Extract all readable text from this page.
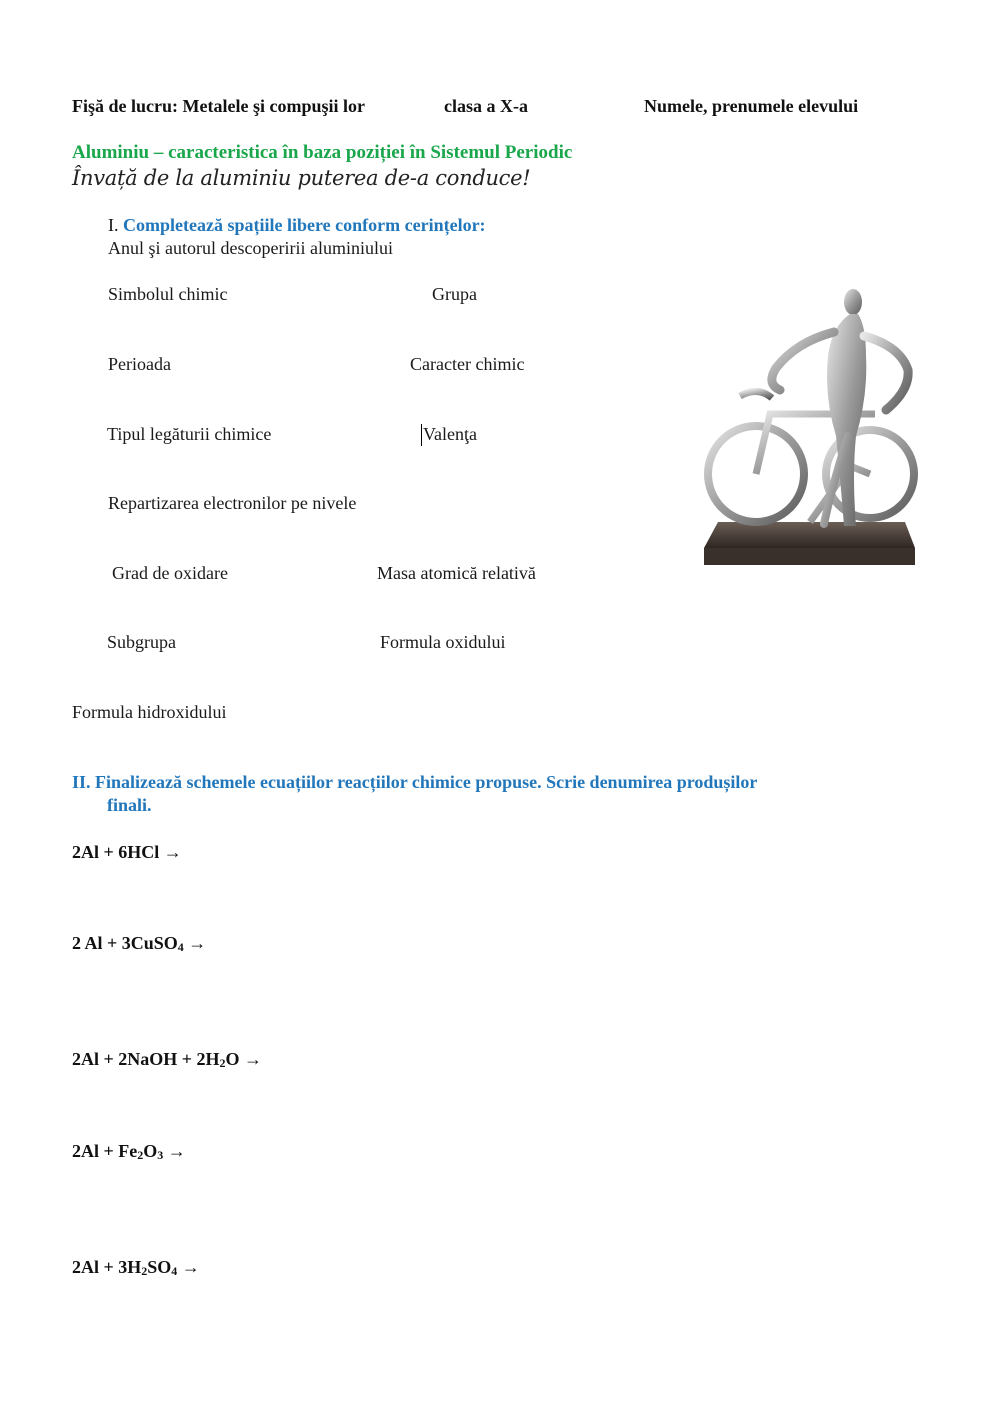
Fişă de lucru: Metalele şi compuşii lor	clasa a X-a	Numele, prenumele elevului
Aluminiu – caracteristica în baza poziției în Sistemul Periodic
Învață de la aluminiu puterea de-a conduce!
I. Completează spațiile libere conform cerințelor:
Anul şi autorul descoperirii aluminiului
Simbolul chimic	Grupa
Perioada	Caracter chimic
Tipul legăturii chimice	Valenţa
Repartizarea electronilor pe nivele
Grad de oxidare	Masa atomică relativă
Subgrupa	Formula oxidului
Formula hidroxidului
II. Finalizează schemele ecuațiilor reacțiilor chimice propuse. Scrie denumirea produșilor
finali.
2Al + 6HCl →
2 Al + 3CuSO$_4$ →
2Al + 2NaOH + $2H_2O$ →
$2Al + Fe_2O_3$ →
$2Al + 3H_2SO_4$ →
